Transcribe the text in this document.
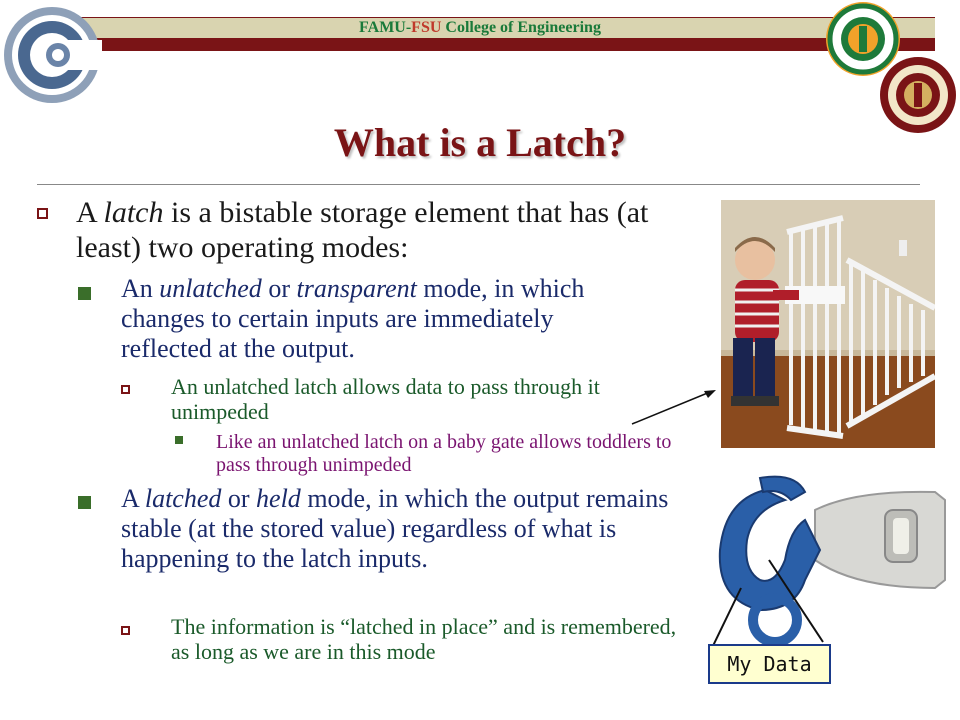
FAMU-FSU College of Engineering
What is a Latch?
A latch is a bistable storage element that has (at least) two operating modes:
An unlatched or transparent mode, in which changes to certain inputs are immediately reflected at the output.
An unlatched latch allows data to pass through it unimpeded
Like an unlatched latch on a baby gate allows toddlers to pass through unimpeded
A latched or held mode, in which the output remains stable (at the stored value) regardless of what is happening to the latch inputs.
The information is “latched in place” and is remembered, as long as we are in this mode	My Data
